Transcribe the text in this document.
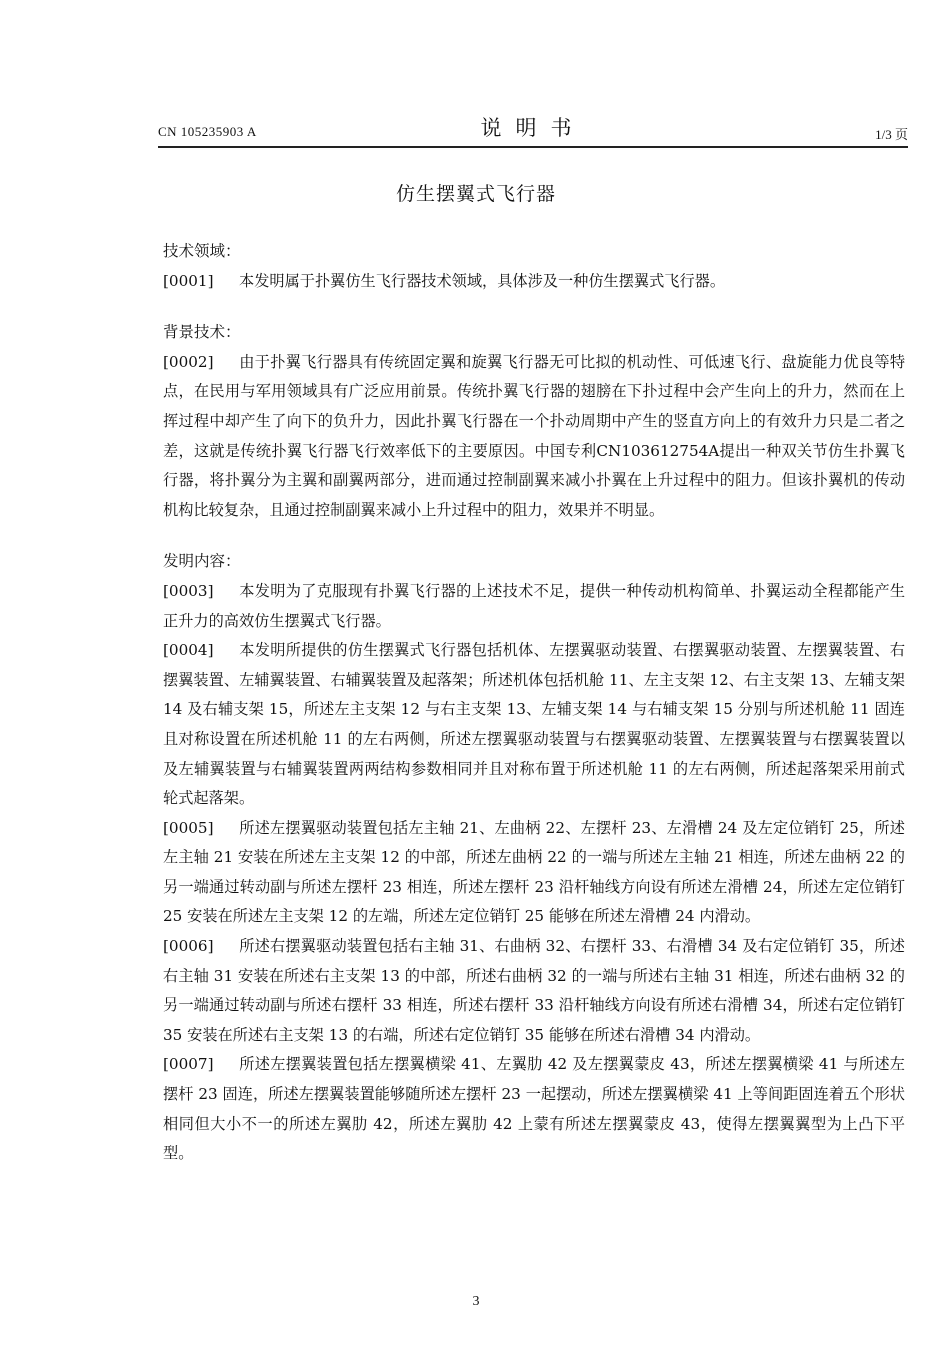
CN 105235903 A	说明书	1/3 页
仿生摆翼式飞行器

技术领域：

[0001] 本发明属于扑翼仿生飞行器技术领域，具体涉及一种仿生摆翼式飞行器。

背景技术：

[0002] 由于扑翼飞行器具有传统固定翼和旋翼飞行器无可比拟的机动性、可低速飞行、盘旋能力优良等特点，在民用与军用领域具有广泛应用前景。传统扑翼飞行器的翅膀在下扑过程中会产生向上的升力，然而在上挥过程中却产生了向下的负升力，因此扑翼飞行器在一个扑动周期中产生的竖直方向上的有效升力只是二者之差，这就是传统扑翼飞行器飞行效率低下的主要原因。中国专利CN103612754A提出一种双关节仿生扑翼飞行器，将扑翼分为主翼和副翼两部分，进而通过控制副翼来减小扑翼在上升过程中的阻力。但该扑翼机的传动机构比较复杂，且通过控制副翼来减小上升过程中的阻力，效果并不明显。

发明内容：

[0003] 本发明为了克服现有扑翼飞行器的上述技术不足，提供一种传动机构简单、扑翼运动全程都能产生正升力的高效仿生摆翼式飞行器。

[0004] 本发明所提供的仿生摆翼式飞行器包括机体、左摆翼驱动装置、右摆翼驱动装置、左摆翼装置、右摆翼装置、左辅翼装置、右辅翼装置及起落架；所述机体包括机舱 11、左主支架 12、右主支架 13、左辅支架 14 及右辅支架 15，所述左主支架 12 与右主支架 13、左辅支架 14 与右辅支架 15 分别与所述机舱 11 固连且对称设置在所述机舱 11 的左右两侧，所述左摆翼驱动装置与右摆翼驱动装置、左摆翼装置与右摆翼装置以及左辅翼装置与右辅翼装置两两结构参数相同并且对称布置于所述机舱 11 的左右两侧，所述起落架采用前式轮式起落架。

[0005] 所述左摆翼驱动装置包括左主轴 21、左曲柄 22、左摆杆 23、左滑槽 24 及左定位销钉 25，所述左主轴 21 安装在所述左主支架 12 的中部，所述左曲柄 22 的一端与所述左主轴 21 相连，所述左曲柄 22 的另一端通过转动副与所述左摆杆 23 相连，所述左摆杆 23 沿杆轴线方向设有所述左滑槽 24，所述左定位销钉 25 安装在所述左主支架 12 的左端，所述左定位销钉 25 能够在所述左滑槽 24 内滑动。

[0006] 所述右摆翼驱动装置包括右主轴 31、右曲柄 32、右摆杆 33、右滑槽 34 及右定位销钉 35，所述右主轴 31 安装在所述右主支架 13 的中部，所述右曲柄 32 的一端与所述右主轴 31 相连，所述右曲柄 32 的另一端通过转动副与所述右摆杆 33 相连，所述右摆杆 33 沿杆轴线方向设有所述右滑槽 34，所述右定位销钉 35 安装在所述右主支架 13 的右端，所述右定位销钉 35 能够在所述右滑槽 34 内滑动。

[0007] 所述左摆翼装置包括左摆翼横梁 41、左翼肋 42 及左摆翼蒙皮 43，所述左摆翼横梁 41 与所述左摆杆 23 固连，所述左摆翼装置能够随所述左摆杆 23 一起摆动，所述左摆翼横梁 41 上等间距固连着五个形状相同但大小不一的所述左翼肋 42，所述左翼肋 42 上蒙有所述左摆翼蒙皮 43，使得左摆翼翼型为上凸下平型。

3
